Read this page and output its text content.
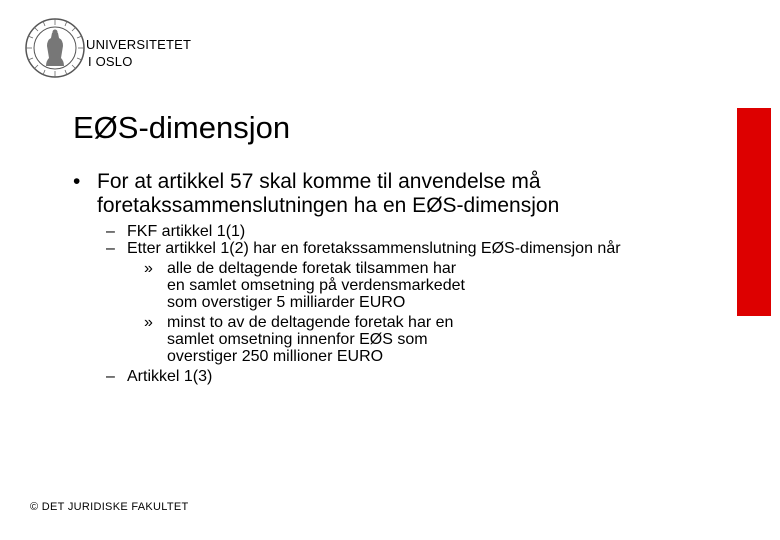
UNIVERSITETET
I OSLO
EØS-dimensjon
• For at artikkel 57 skal komme til anvendelse må foretakssammenslutningen ha en EØS-dimensjon
– FKF artikkel 1(1)
– Etter artikkel 1(2) har en foretakssammenslutning EØS-dimensjon når
» alle de deltagende foretak tilsammen har en samlet omsetning på verdensmarkedet som overstiger 5 milliarder EURO
» minst to av de deltagende foretak har en samlet omsetning innenfor EØS som overstiger 250 millioner EURO
– Artikkel 1(3)
© DET JURIDISKE FAKULTET
